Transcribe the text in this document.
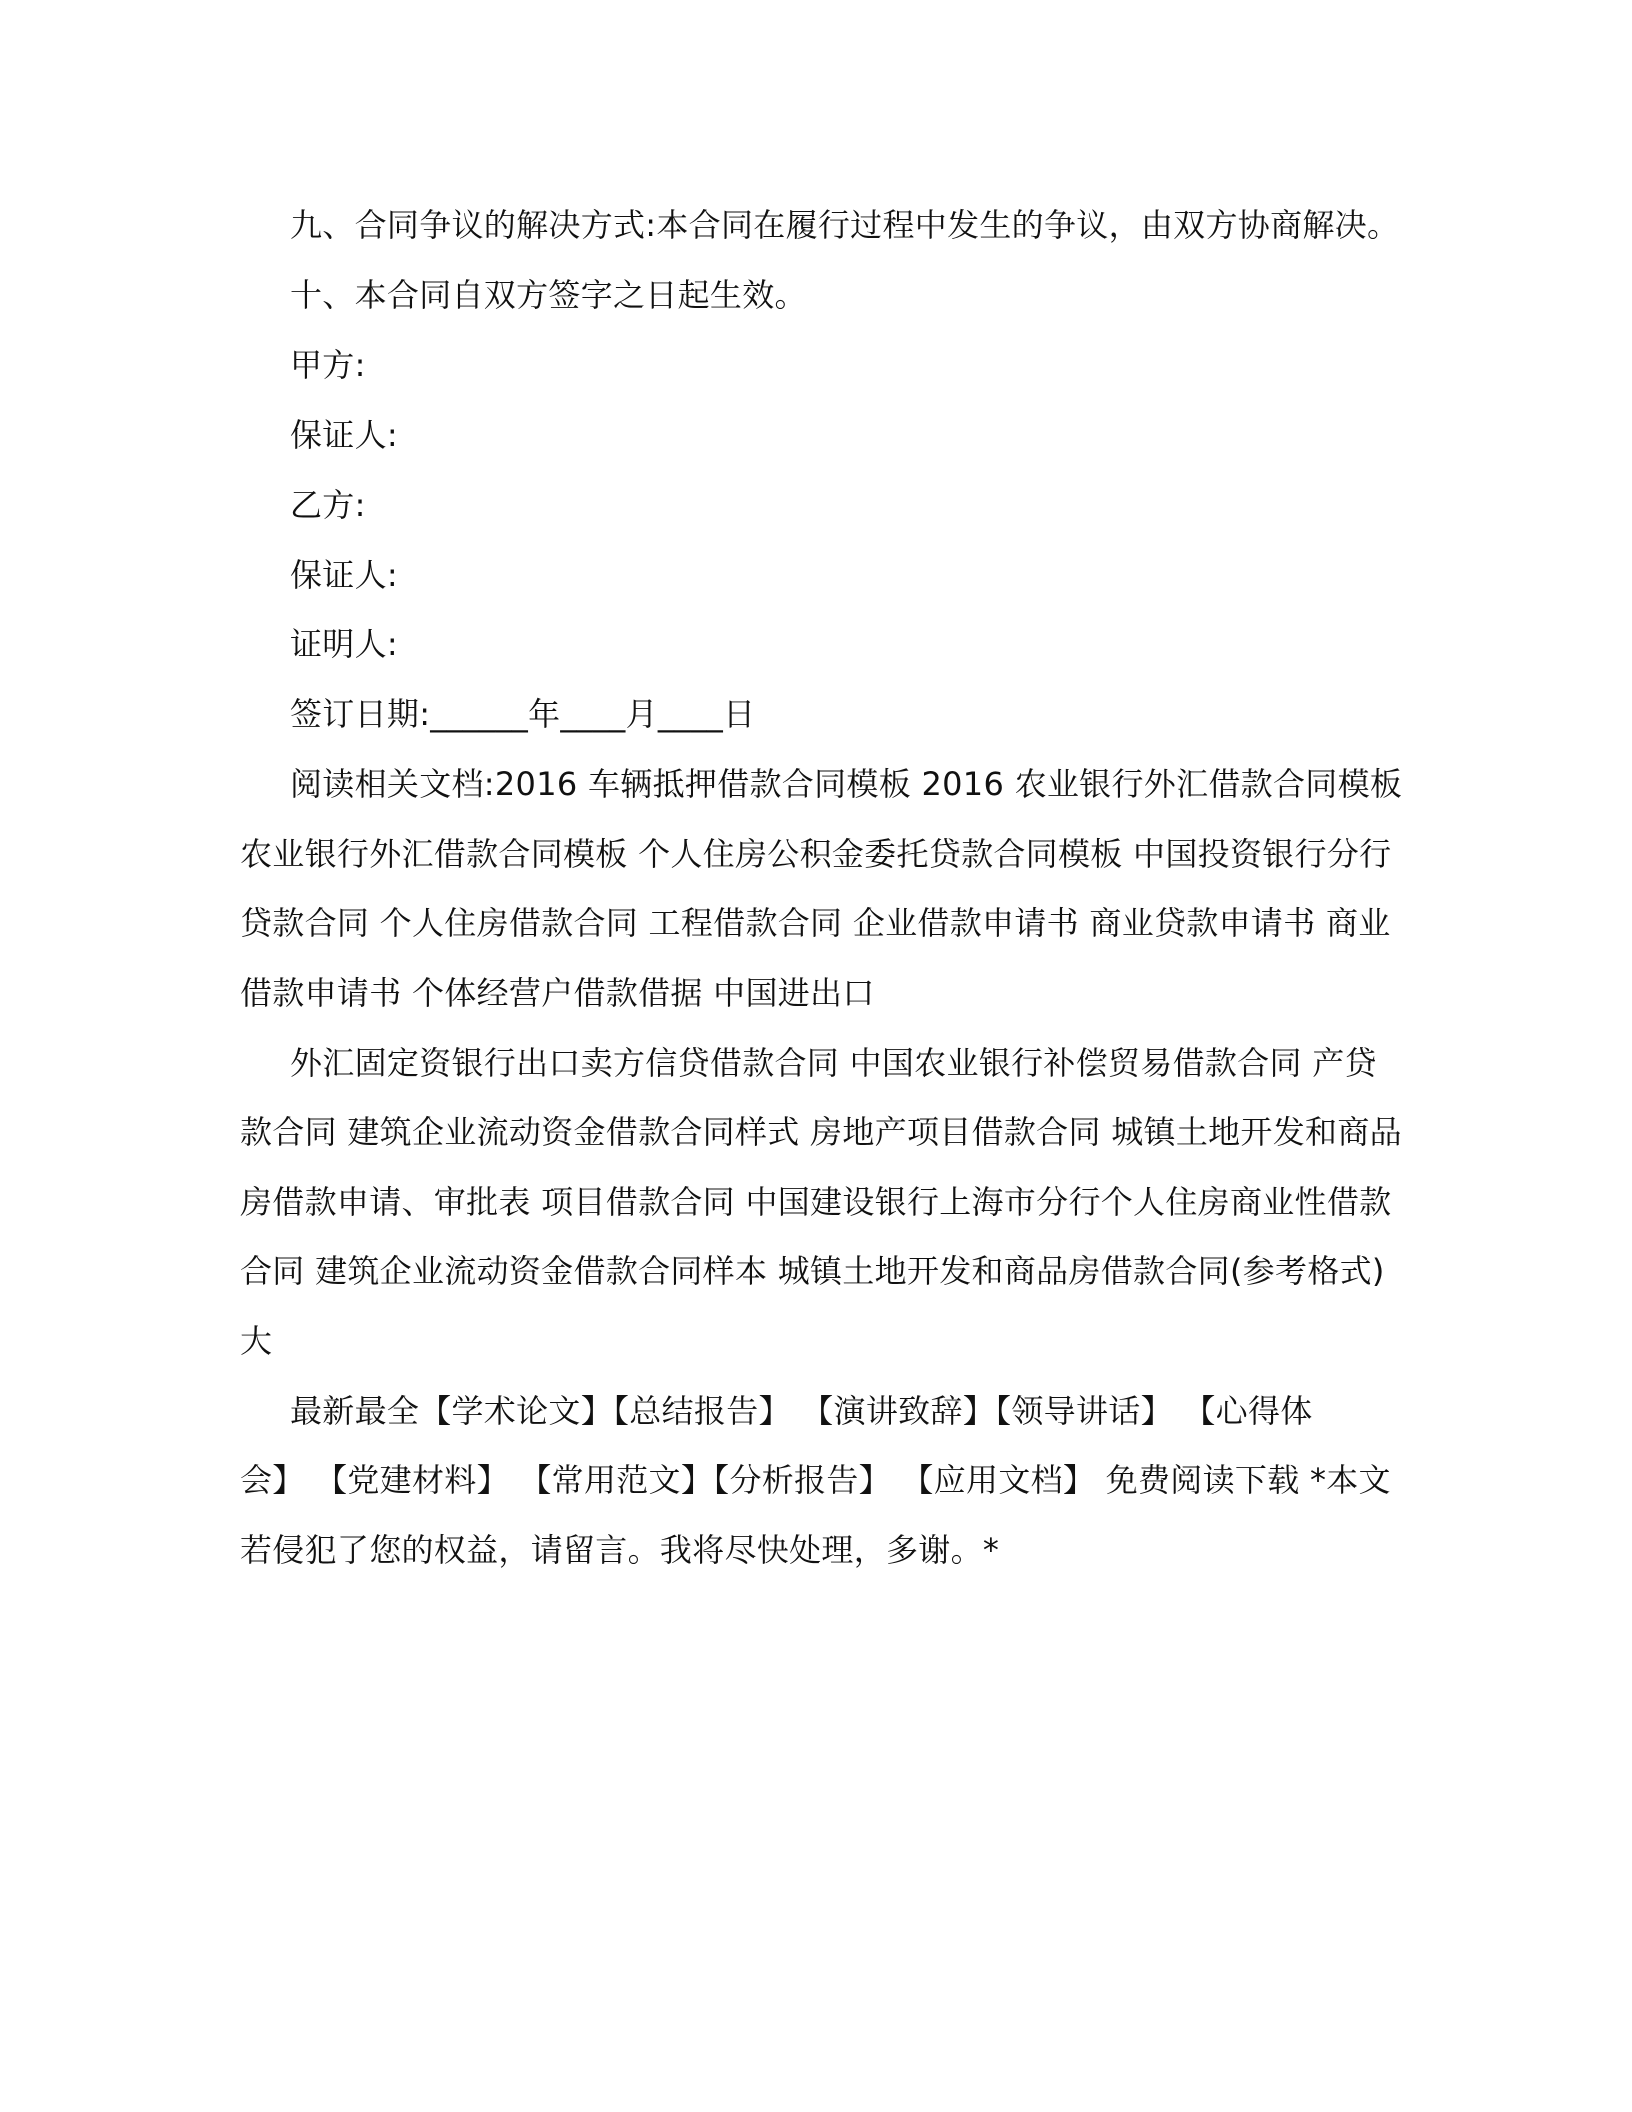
九、合同争议的解决方式:本合同在履行过程中发生的争议，由双方协商解决。
十、本合同自双方签字之日起生效。
甲方:
保证人:
乙方:
保证人:
证明人:
签订日期:______年____月____日
阅读相关文档:2016 车辆抵押借款合同模板 2016 农业银行外汇借款合同模板
农业银行外汇借款合同模板 个人住房公积金委托贷款合同模板 中国投资银行分行
贷款合同 个人住房借款合同 工程借款合同 企业借款申请书 商业贷款申请书 商业
借款申请书 个体经营户借款借据 中国进出口
外汇固定资银行出口卖方信贷借款合同 中国农业银行补偿贸易借款合同 产贷
款合同 建筑企业流动资金借款合同样式 房地产项目借款合同 城镇土地开发和商品
房借款申请、审批表 项目借款合同 中国建设银行上海市分行个人住房商业性借款
合同 建筑企业流动资金借款合同样本 城镇土地开发和商品房借款合同(参考格式)
大
最新最全【学术论文】【总结报告】 【演讲致辞】【领导讲话】 【心得体
会】 【党建材料】 【常用范文】【分析报告】 【应用文档】 免费阅读下载 *本文
若侵犯了您的权益，请留言。我将尽快处理，多谢。*
